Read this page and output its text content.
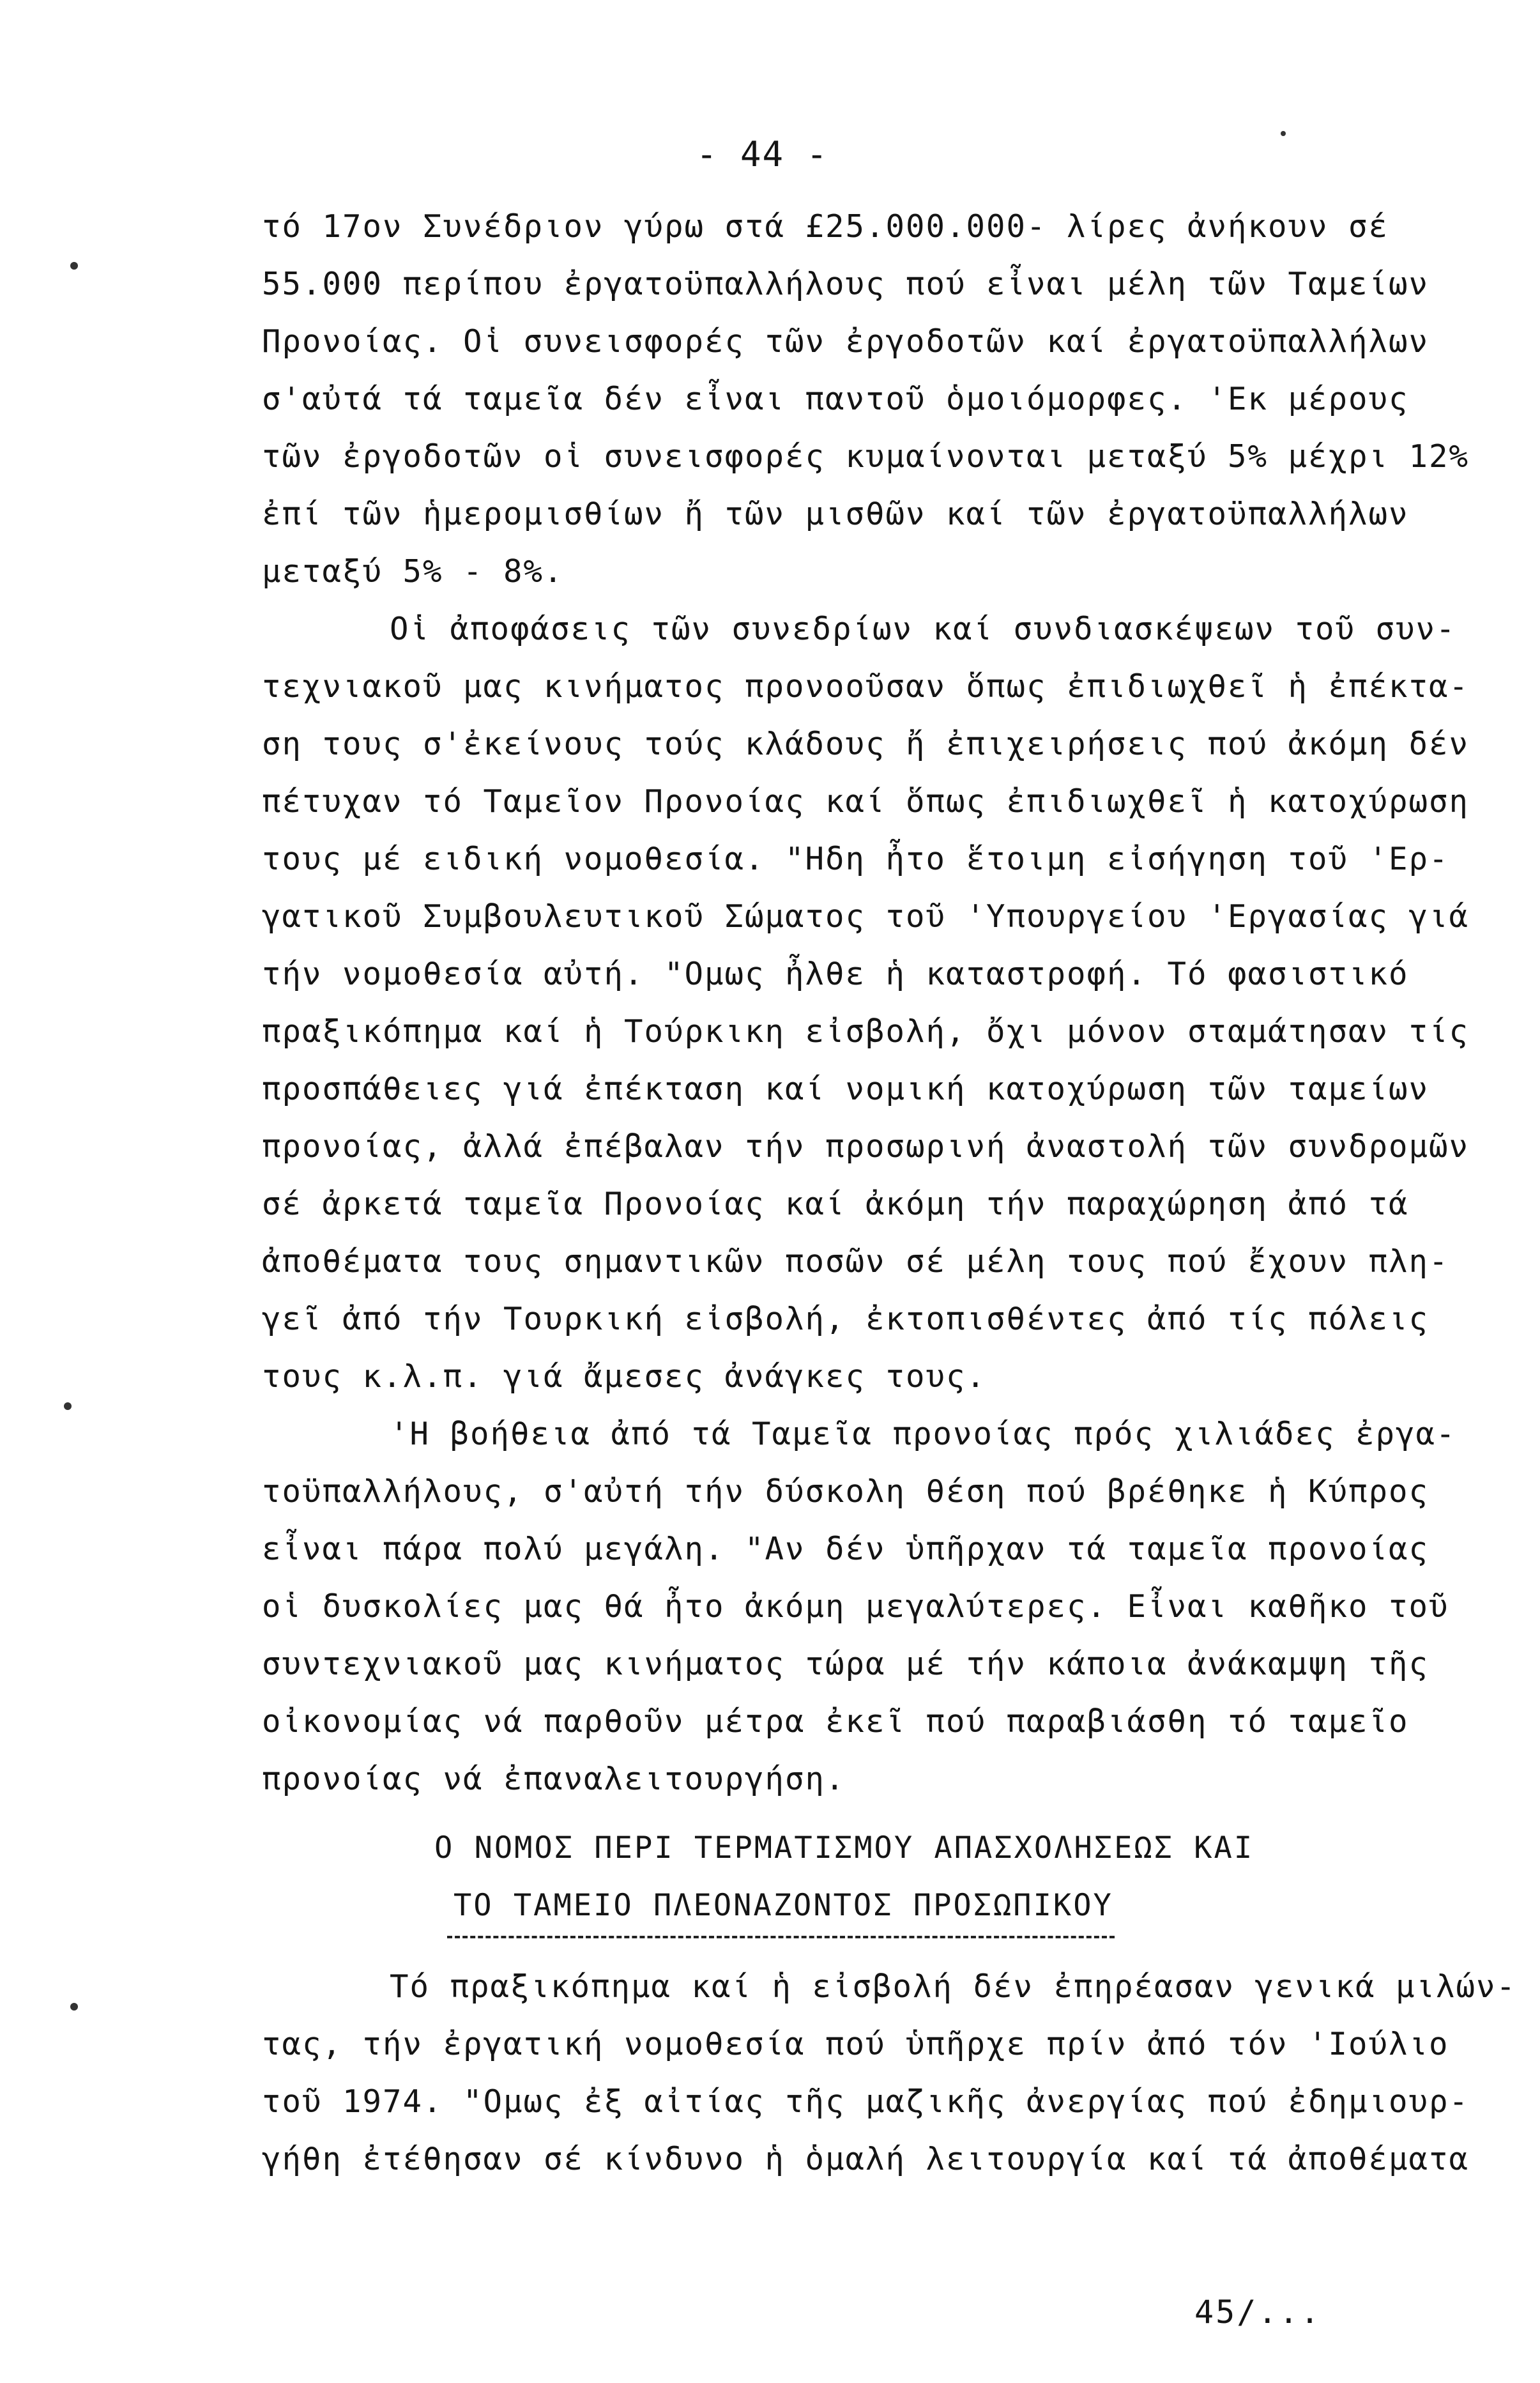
- 44 -
τό 17ον Συνέδριον γύρω στά £25.000.000- λίρες ἀνήκουν σέ
55.000 περίπου ἐργατοϋπαλλήλους πού εἶναι μέλη τῶν Ταμείων
Προνοίας. Οἱ συνεισφορές τῶν ἐργοδοτῶν καί ἐργατοϋπαλλήλων
σ'αὐτά τά ταμεῖα δέν εἶναι παντοῦ ὁμοιόμορφες. 'Εκ μέρους
τῶν ἐργοδοτῶν οἱ συνεισφορές κυμαίνονται μεταξύ 5% μέχρι 12%
ἐπί τῶν ἡμερομισθίων ἤ τῶν μισθῶν καί τῶν ἐργατοϋπαλλήλων
μεταξύ 5% - 8%.
Οἱ ἀποφάσεις τῶν συνεδρίων καί συνδιασκέψεων τοῦ συν-
τεχνιακοῦ μας κινήματος προνοοῦσαν ὅπως ἐπιδιωχθεῖ ἡ ἐπέκτα-
ση τους σ'ἐκείνους τούς κλάδους ἤ ἐπιχειρήσεις πού ἀκόμη δέν
πέτυχαν τό Ταμεῖον Προνοίας καί ὅπως ἐπιδιωχθεῖ ἡ κατοχύρωση
τους μέ ειδική νομοθεσία. "Ηδη ἦτο ἕτοιμη εἰσήγηση τοῦ 'Ερ-
γατικοῦ Συμβουλευτικοῦ Σώματος τοῦ 'Υπουργείου 'Εργασίας γιά
τήν νομοθεσία αὐτή. "Ομως ἦλθε ἡ καταστροφή. Τό φασιστικό
πραξικόπημα καί ἡ Τούρκικη εἰσβολή, ὄχι μόνον σταμάτησαν τίς
προσπάθειες γιά ἐπέκταση καί νομική κατοχύρωση τῶν ταμείων
προνοίας, ἀλλά ἐπέβαλαν τήν προσωρινή ἀναστολή τῶν συνδρομῶν
σέ ἀρκετά ταμεῖα Προνοίας καί ἀκόμη τήν παραχώρηση ἀπό τά
ἀποθέματα τους σημαντικῶν ποσῶν σέ μέλη τους πού ἔχουν πλη-
γεῖ ἀπό τήν Τουρκική εἰσβολή, ἐκτοπισθέντες ἀπό τίς πόλεις
τους κ.λ.π. γιά ἄμεσες ἀνάγκες τους.
'Η βοήθεια ἀπό τά Ταμεῖα προνοίας πρός χιλιάδες ἐργα-
τοϋπαλλήλους, σ'αὐτή τήν δύσκολη θέση πού βρέθηκε ἡ Κύπρος
εἶναι πάρα πολύ μεγάλη. "Αν δέν ὑπῆρχαν τά ταμεῖα προνοίας
οἱ δυσκολίες μας θά ἦτο ἀκόμη μεγαλύτερες. Εἶναι καθῆκο τοῦ
συντεχνιακοῦ μας κινήματος τώρα μέ τήν κάποια ἀνάκαμψη τῆς
οἰκονομίας νά παρθοῦν μέτρα ἐκεῖ πού παραβιάσθη τό ταμεῖο
προνοίας νά ἐπαναλειτουργήση.
Ο ΝΟΜΟΣ ΠΕΡΙ ΤΕΡΜΑΤΙΣΜΟΥ ΑΠΑΣΧΟΛΗΣΕΩΣ ΚΑΙ
ΤΟ ΤΑΜΕΙΟ ΠΛΕΟΝΑΖΟΝΤΟΣ ΠΡΟΣΩΠΙΚΟΥ
Τό πραξικόπημα καί ἡ εἰσβολή δέν ἐπηρέασαν γενικά μιλών-
τας, τήν ἐργατική νομοθεσία πού ὑπῆρχε πρίν ἀπό τόν 'Ιούλιο
τοῦ 1974. "Ομως ἐξ αἰτίας τῆς μαζικῆς ἀνεργίας πού ἐδημιουρ-
γήθη ἐτέθησαν σέ κίνδυνο ἡ ὁμαλή λειτουργία καί τά ἀποθέματα
45/...
